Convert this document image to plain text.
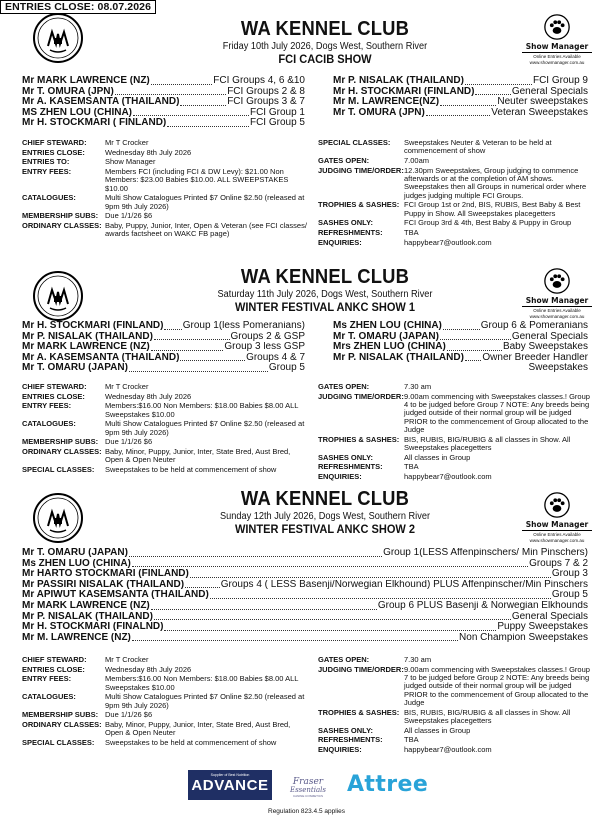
ENTRIES CLOSE: 08.07.2026
Show Manager
Online Entries Available
www.showmanager.com.au
WA KENNEL CLUB
Friday 10th July 2026, Dogs West, Southern River
FCI CACIB SHOW
Mr MARK LAWRENCE (NZ)	FCI Groups 4, 6 &10
Mr T. OMURA (JPN)	FCI Groups 2 & 8
Mr A. KASEMSANTA (THAILAND)	FCI Groups 3 & 7
MS ZHEN LOU (CHINA)	FCI Group 1
Mr H. STOCKMARI ( FINLAND)	FCI Group 5
Mr P. NISALAK (THAILAND)	FCI Group 9
Mr H. STOCKMARI (FINLAND)	General Specials
Mr M. LAWRENCE(NZ)	Neuter sweepstakes
Mr T. OMURA (JPN)	Veteran Sweepstakes
CHIEF STEWARD:	Mr T Crocker
ENTRIES CLOSE:	Wednesday 8th July 2026
ENTRIES TO:	Show Manager
ENTRY FEES:	Members FCI (including FCI & DW Levy): $21.00 Non Members: $23.00 Babies $10.00. ALL SWEEPSTAKES $10.00
CATALOGUES:	Multi Show Catalogues Printed $7 Online $2.50 (released at 9pm 9th July 2026)
MEMBERSHIP SUBS: Due 1/1/26 $6
ORDINARY CLASSES: Baby, Puppy, Junior, Inter, Open & Veteran (see FCI classes/ awards factsheet on WAKC FB page)
SPECIAL CLASSES:	Sweepstakes Neuter & Veteran to be held at commencement of show
GATES OPEN:	7.00am
JUDGING TIME/ORDER: 12.30pm Sweepstakes, Group judging to commence afterwards or at the completion of AM shows. Sweepstakes then all Groups in numerical order where judges judging multiple FCI Groups.
TROPHIES & SASHES: FCI Group 1st or 2nd, BIS, RUBIS, Best Baby & Best Puppy in Show. All Sweepstakes placegetters
SASHES ONLY:	FCI Group 3rd & 4th, Best Baby & Puppy in Group
REFRESHMENTS:	TBA
ENQUIRIES:	happybear7@outlook.com
Show Manager
Online Entries Available
www.showmanager.com.au
WA KENNEL CLUB
Saturday 11th July 2026, Dogs West, Southern River
WINTER FESTIVAL ANKC SHOW 1
Mr H. STOCKMARI (FINLAND) Group 1(less Pomeranians)
Mr P. NISALAK (THAILAND)	Groups 2 & GSP
Mr MARK LAWRENCE (NZ)	Group 3 less GSP
Mr A. KASEMSANTA (THAILAND)	Groups 4 & 7
Mr T. OMARU (JAPAN)	Group 5
Ms ZHEN LOU (CHINA)	Group 6 & Pomeranians
Mr T. OMARU (JAPAN)	General Specials
Mrs ZHEN LUO (CHINA)	Baby Sweepstakes
Mr P. NISALAK (THAILAND) Owner Breeder Handler
Sweepstakes
CHIEF STEWARD:	Mr T Crocker
ENTRIES CLOSE:	Wednesday 8th July 2026
ENTRY FEES:	Members:$16.00 Non Members: $18.00 Babies $8.00 ALL Sweepstakes $10.00
CATALOGUES:	Multi Show Catalogues Printed $7 Online $2.50 (released at 9pm 9th July 2026)
MEMBERSHIP SUBS: Due 1/1/26 $6
ORDINARY CLASSES: Baby, Minor, Puppy, Junior, Inter, State Bred, Aust Bred, Open & Open Neuter
SPECIAL CLASSES:	Sweepstakes to be held at commencement of show
GATES OPEN:	7.30 am
JUDGING TIME/ORDER: 9.00am commencing with Sweepstakes classes.! Group 4 to be judged before Group 7 NOTE: Any breeds being judged outside of their normal group will be judged PRIOR to the commencement of Group allocated to the Judge
TROPHIES & SASHES: BIS, RUBIS, BIG/RUBIG & all classes in Show. All Sweepstakes placegetters
SASHES ONLY:	All classes in Group
REFRESHMENTS:	TBA
ENQUIRIES:	happybear7@outlook.com
Show Manager
Online Entries Available
www.showmanager.com.au
WA KENNEL CLUB
Sunday 12th July 2026, Dogs West, Southern River
WINTER FESTIVAL ANKC SHOW 2
Mr T. OMARU (JAPAN)	Group 1(LESS Affenpinschers/ Min Pinschers)
Ms ZHEN LUO (CHINA)	Groups 7 & 2
Mr HARTO STOCKMARI (FINLAND)	Group 3
Mr PASSIRI NISALAK (THAILAND)	Groups 4 ( LESS Basenji/Norwegian Elkhound) PLUS Affenpinscher/Min Pinschers
Mr APIWUT KASEMSANTA (THAILAND)	Group 5
Mr MARK LAWRENCE (NZ)	Group 6 PLUS Basenji & Norwegian Elkhounds
Mr P. NISALAK (THAILAND)	General Specials
Mr H. STOCKMARI (FINALND)	Puppy Sweepstakes
Mr M. LAWRENCE (NZ)	Non Champion Sweepstakes
CHIEF STEWARD:	Mr T Crocker
ENTRIES CLOSE:	Wednesday 8th July 2026
ENTRY FEES:	Members:$16.00 Non Members: $18.00 Babies $8.00 ALL Sweepstakes $10.00
CATALOGUES:	Multi Show Catalogues Printed $7 Online $2.50 (released at 9pm 9th July 2026)
MEMBERSHIP SUBS: Due 1/1/26 $6
ORDINARY CLASSES: Baby, Minor, Puppy, Junior, Inter, State Bred, Aust Bred, Open & Open Neuter
SPECIAL CLASSES:	Sweepstakes to be held at commencement of show
GATES OPEN:	7.30 am
JUDGING TIME/ORDER: 9.00am commencing with Sweepstakes classes.! Group 7 to be judged before Group 2 NOTE: Any breeds being judged outside of their normal group will be judged PRIOR to the commencement of Group allocated to the Judge
TROPHIES & SASHES: BIS, RUBIS, BIG/RUBIG & all classes in Show. All Sweepstakes placegetters
SASHES ONLY:	All classes in Group
REFRESHMENTS:	TBA
ENQUIRIES:	happybear7@outlook.com
Supplier of Best Nutrition
ADVANCE	Fraser
Essentials
CANINE COSMETICS	Attree
Regulation 823.4.5 applies
